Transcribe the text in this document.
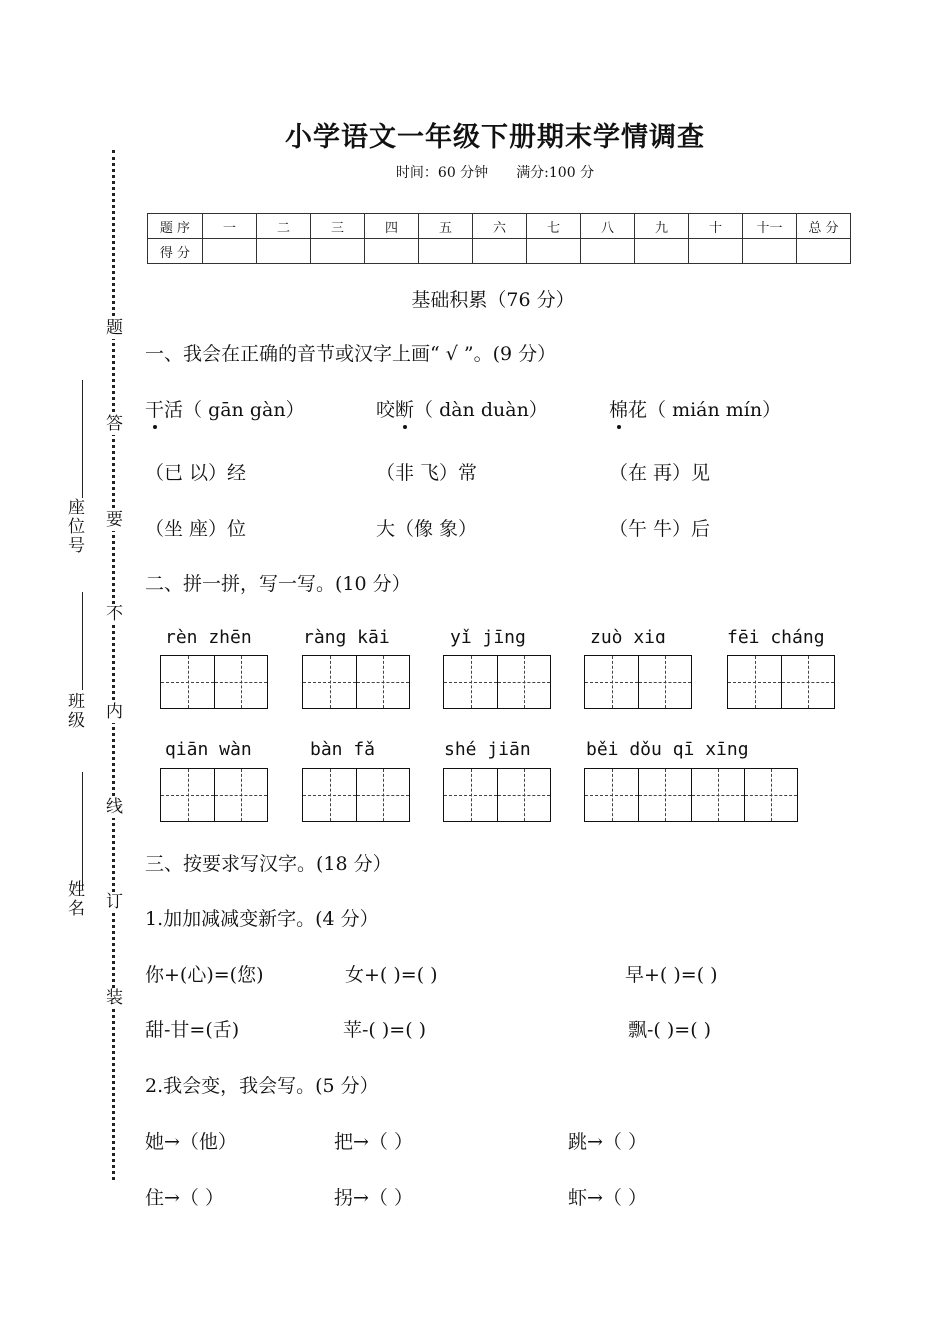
座位号
班级
姓名
题
答
要
不
内
线
订
装
小学语文一年级下册期末学情调查
时间：60 分钟 满分:100 分
题 序	一	二	三	四	五	六	七	八	九	十	十一	总 分
得 分												
基础积累（76 分）
一、我会在正确的音节或汉字上画“ √ ”。(9 分）
干活（ gān gàn）	咬断（ dàn duàn）	棉花（ mián mín）
（已 以）经	（非 飞）常	（在 再）见
（坐 座）位	大（像 象）	（午 牛）后
二、拼一拼，写一写。(10 分）
rèn zhēn	ràng kāi	yǐ jīng	zuò xiɑ	fēi cháng
qiān wàn	bàn fǎ	shé jiān	běi dǒu qī xīng
三、按要求写汉字。(18 分）
1.加加减减变新字。(4 分）
你+(心)=(您)	女+( )=( )	早+( )=( )
甜-甘=(舌)	苹-( )=( )	飘-( )=( )
2.我会变，我会写。(5 分）
她→（他）	把→（ ）	跳→（ ）
住→（ ）	拐→（ ）	虾→（ ）
